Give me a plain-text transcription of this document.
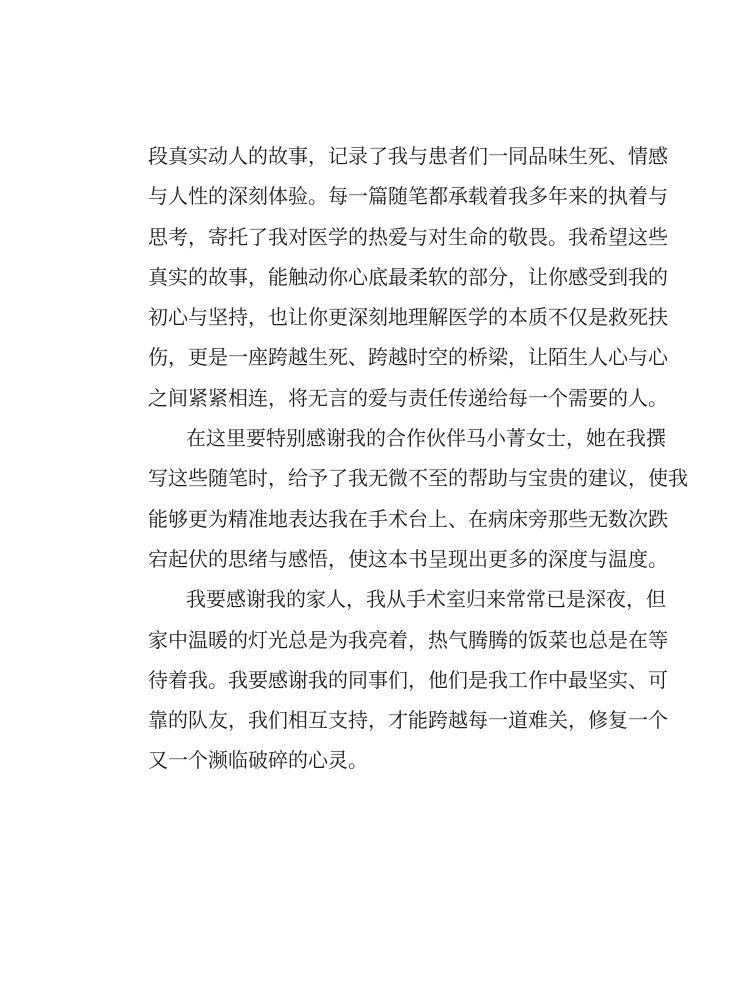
段真实动人的故事，记录了我与患者们一同品味生死、情感
与人性的深刻体验。每一篇随笔都承载着我多年来的执着与
思考，寄托了我对医学的热爱与对生命的敬畏。我希望这些
真实的故事，能触动你心底最柔软的部分，让你感受到我的
初心与坚持，也让你更深刻地理解医学的本质不仅是救死扶
伤，更是一座跨越生死、跨越时空的桥梁，让陌生人心与心
之间紧紧相连，将无言的爱与责任传递给每一个需要的人。
在这里要特别感谢我的合作伙伴马小菁女士，她在我撰
写这些随笔时，给予了我无微不至的帮助与宝贵的建议，使我
能够更为精准地表达我在手术台上、在病床旁那些无数次跌
宕起伏的思绪与感悟，使这本书呈现出更多的深度与温度。
我要感谢我的家人，我从手术室归来常常已是深夜，但
家中温暖的灯光总是为我亮着，热气腾腾的饭菜也总是在等
待着我。我要感谢我的同事们，他们是我工作中最坚实、可
靠的队友，我们相互支持，才能跨越每一道难关，修复一个
又一个濒临破碎的心灵。
